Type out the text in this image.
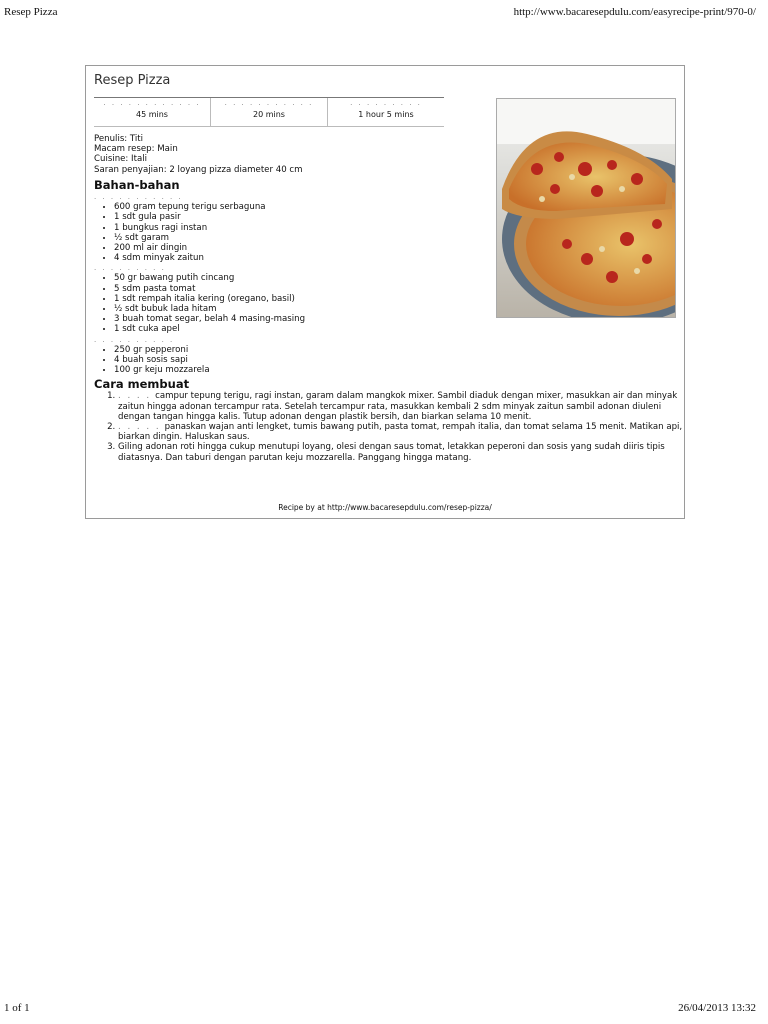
Resep Pizza	http://www.bacaresepdulu.com/easyrecipe-print/970-0/
Resep Pizza
. . . . . . . . . . . .
45 mins
. . . . . . . . . . .
20 mins
. . . . . . . . .
1 hour 5 mins
Penulis: Titi
Macam resep: Main
Cuisine: Itali
Saran penyajian: 2 loyang pizza diameter 40 cm
Bahan-bahan
. . . . . . . . . . .
• 600 gram tepung terigu serbaguna
• 1 sdt gula pasir
• 1 bungkus ragi instan
• ½ sdt garam
• 200 ml air dingin
• 4 sdm minyak zaitun
. . . . . . . . .
• 50 gr bawang putih cincang
• 5 sdm pasta tomat
• 1 sdt rempah italia kering (oregano, basil)
• ½ sdt bubuk lada hitam
• 3 buah tomat segar, belah 4 masing-masing
• 1 sdt cuka apel
. . . . . . . . . .
• 250 gr pepperoni
• 4 buah sosis sapi
• 100 gr keju mozzarela
Cara membuat
1. . . . . campur tepung terigu, ragi instan, garam dalam mangkok mixer. Sambil diaduk dengan mixer, masukkan air dan minyak zaitun hingga adonan tercampur rata. Setelah tercampur rata, masukkan kembali 2 sdm minyak zaitun sambil adonan diuleni dengan tangan hingga kalis. Tutup adonan dengan plastik bersih, dan biarkan selama 10 menit.
2. . . . . . panaskan wajan anti lengket, tumis bawang putih, pasta tomat, rempah italia, dan tomat selama 15 menit. Matikan api, biarkan dingin. Haluskan saus.
3. Giling adonan roti hingga cukup menutupi loyang, olesi dengan saus tomat, letakkan peperoni dan sosis yang sudah diiris tipis diatasnya. Dan taburi dengan parutan keju mozzarella. Panggang hingga matang.
Recipe by at http://www.bacaresepdulu.com/resep-pizza/
1 of 1	26/04/2013 13:32
